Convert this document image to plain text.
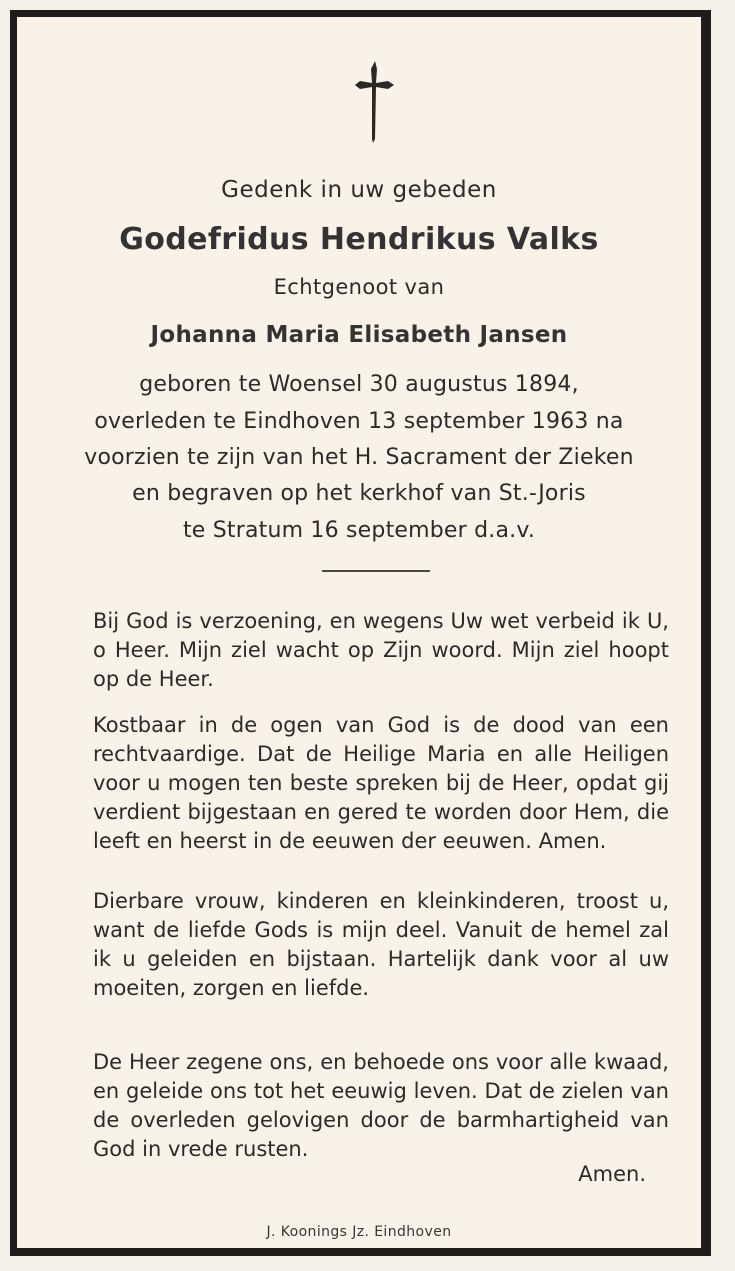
Gedenk in uw gebeden
Godefridus Hendrikus Valks
Echtgenoot van
Johanna Maria Elisabeth Jansen
geboren te Woensel 30 augustus 1894,
overleden te Eindhoven 13 september 1963 na
voorzien te zijn van het H. Sacrament der Zieken
en begraven op het kerkhof van St.-Joris
te Stratum 16 september d.a.v.
Bij God is verzoening, en wegens Uw wet verbeid ik U, o Heer. Mijn ziel wacht op Zijn woord. Mijn ziel hoopt op de Heer.
Kostbaar in de ogen van God is de dood van een rechtvaardige. Dat de Heilige Maria en alle Heiligen voor u mogen ten beste spreken bij de Heer, opdat gij verdient bijgestaan en gered te worden door Hem, die leeft en heerst in de eeuwen der eeuwen. Amen.
Dierbare vrouw, kinderen en kleinkinderen, troost u, want de liefde Gods is mijn deel. Vanuit de hemel zal ik u geleiden en bijstaan. Hartelijk dank voor al uw moeiten, zorgen en liefde.
De Heer zegene ons, en behoede ons voor alle kwaad, en geleide ons tot het eeuwig leven. Dat de zielen van de overleden gelovigen door de barmhartigheid van God in vrede rusten.
Amen.
J. Koonings Jz. Eindhoven
